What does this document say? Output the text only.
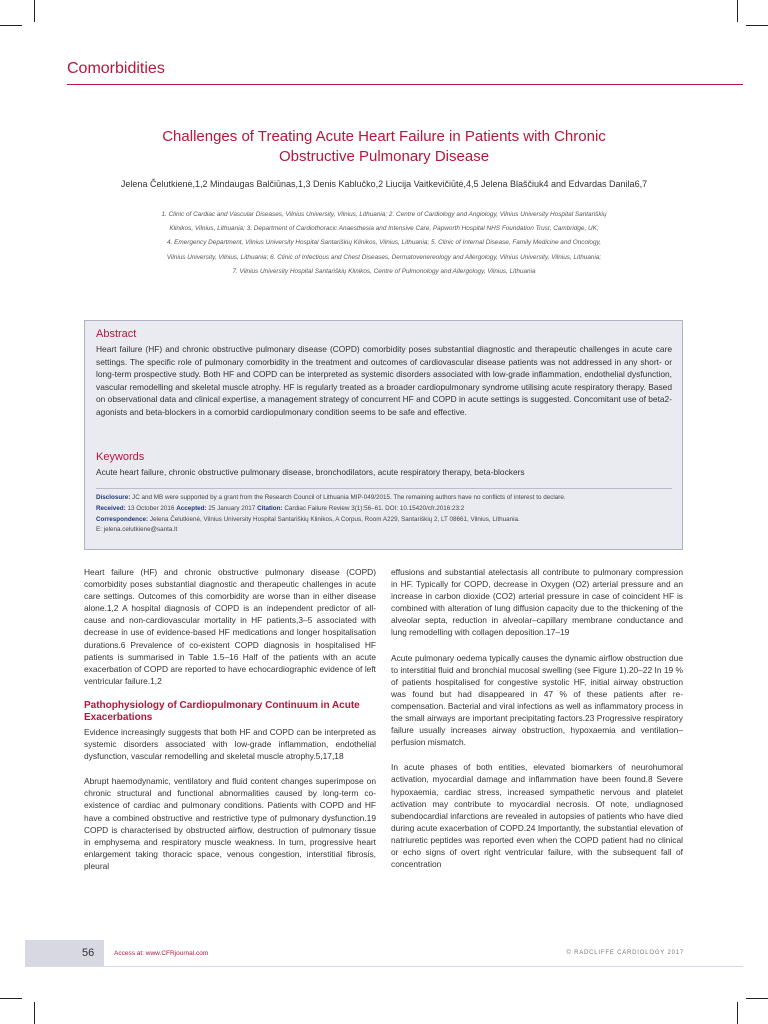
Comorbidities
Challenges of Treating Acute Heart Failure in Patients with Chronic
Obstructive Pulmonary Disease
Jelena Čelutkienė,1,2 Mindaugas Balčiūnas,1,3 Denis Kablučko,2 Liucija Vaitkevičiūtė,4,5 Jelena Blaščiuk4 and Edvardas Danila6,7
1. Clinic of Cardiac and Vascular Diseases, Vilnius University, Vilnius, Lithuania; 2. Centre of Cardiology and Angiology, Vilnius University Hospital Santariškių
Klinikos, Vilnius, Lithuania; 3. Department of Cardiothoracic Anaesthesia and Intensive Care, Papworth Hospital NHS Foundation Trust, Cambridge, UK;
4. Emergency Department, Vilnius University Hospital Santariškių Klinikos, Vilnius, Lithuania; 5. Clinic of Internal Disease, Family Medicine and Oncology,
Vilnius University, Vilnius, Lithuania; 6. Clinic of Infectious and Chest Diseases, Dermatovenereology and Allergology, Vilnius University, Vilnius, Lithuania;
7. Vilnius University Hospital Santariškių Klinikos, Centre of Pulmonology and Allergology, Vilnius, Lithuania
Abstract
Heart failure (HF) and chronic obstructive pulmonary disease (COPD) comorbidity poses substantial diagnostic and therapeutic challenges in acute care settings. The specific role of pulmonary comorbidity in the treatment and outcomes of cardiovascular disease patients was not addressed in any short- or long-term prospective study. Both HF and COPD can be interpreted as systemic disorders associated with low-grade inflammation, endothelial dysfunction, vascular remodelling and skeletal muscle atrophy. HF is regularly treated as a broader cardiopulmonary syndrome utilising acute respiratory therapy. Based on observational data and clinical expertise, a management strategy of concurrent HF and COPD in acute settings is suggested. Concomitant use of beta2-agonists and beta-blockers in a comorbid cardiopulmonary condition seems to be safe and effective.
Keywords
Acute heart failure, chronic obstructive pulmonary disease, bronchodilators, acute respiratory therapy, beta-blockers
Disclosure: JC and MB were supported by a grant from the Research Council of Lithuania MIP-049/2015. The remaining authors have no conflicts of interest to declare.
Received: 13 October 2016 Accepted: 25 January 2017 Citation: Cardiac Failure Review 3(1):56–61. DOI: 10.15420/cfr.2016:23:2
Correspondence: Jelena Čelutkienė, Vilnius University Hospital Santariškių Klinikos, A Corpus, Room A229, Santariškių 2, LT 08661, Vilnius, Lithuania.
E: jelena.celutkiene@santa.lt

Heart failure (HF) and chronic obstructive pulmonary disease (COPD) comorbidity poses substantial diagnostic and therapeutic challenges in acute care settings. Outcomes of this comorbidity are worse than in either disease alone.1,2 A hospital diagnosis of COPD is an independent predictor of all-cause and non-cardiovascular mortality in HF patients,3–5 associated with decrease in use of evidence-based HF medications and longer hospitalisation durations.6 Prevalence of co-existent COPD diagnosis in hospitalised HF patients is summarised in Table 1.5–16 Half of the patients with an acute exacerbation of COPD are reported to have echocardiographic evidence of left ventricular failure.1,2

Pathophysiology of Cardiopulmonary Continuum in Acute Exacerbations

Evidence increasingly suggests that both HF and COPD can be interpreted as systemic disorders associated with low-grade inflammation, endothelial dysfunction, vascular remodelling and skeletal muscle atrophy.5,17,18

Abrupt haemodynamic, ventilatory and fluid content changes superimpose on chronic structural and functional abnormalities caused by long-term co-existence of cardiac and pulmonary conditions. Patients with COPD and HF have a combined obstructive and restrictive type of pulmonary dysfunction.19 COPD is characterised by obstructed airflow, destruction of pulmonary tissue in emphysema and respiratory muscle weakness. In turn, progressive heart enlargement taking thoracic space, venous congestion, interstitial fibrosis, pleural

effusions and substantial atelectasis all contribute to pulmonary compression in HF. Typically for COPD, decrease in Oxygen (O2) arterial pressure and an increase in carbon dioxide (CO2) arterial pressure in case of coincident HF is combined with alteration of lung diffusion capacity due to the thickening of the alveolar septa, reduction in alveolar–capillary membrane conductance and lung remodelling with collagen deposition.17–19

Acute pulmonary oedema typically causes the dynamic airflow obstruction due to interstitial fluid and bronchial mucosal swelling (see Figure 1).20–22 In 19 % of patients hospitalised for congestive systolic HF, initial airway obstruction was found but had disappeared in 47 % of these patients after re-compensation. Bacterial and viral infections as well as inflammatory process in the small airways are important precipitating factors.23 Progressive respiratory failure usually increases airway obstruction, hypoxaemia and ventilation–perfusion mismatch.

In acute phases of both entities, elevated biomarkers of neurohumoral activation, myocardial damage and inflammation have been found.8 Severe hypoxaemia, cardiac stress, increased sympathetic nervous and platelet activation may contribute to myocardial necrosis. Of note, undiagnosed subendocardial infarctions are revealed in autopsies of patients who have died during acute exacerbation of COPD.24 Importantly, the substantial elevation of natriuretic peptides was reported even when the COPD patient had no clinical or echo signs of overt right ventricular failure, with the subsequent fall of concentration

56	Access at: www.CFRjournal.com	© RADCLIFFE CARDIOLOGY 2017
